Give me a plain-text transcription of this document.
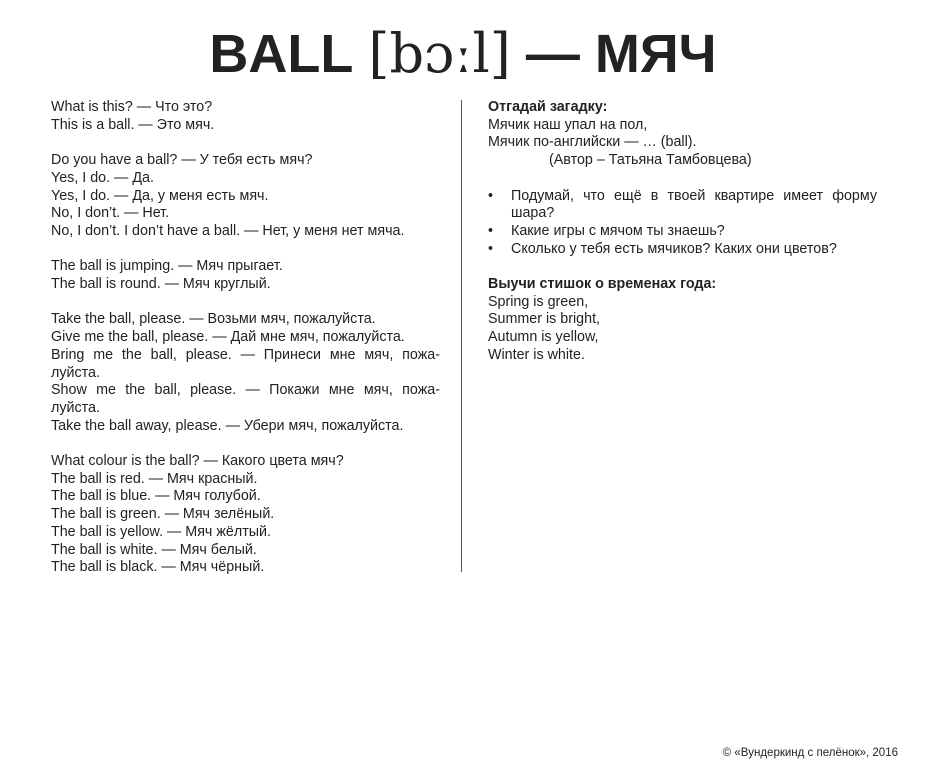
BALL [bɔːl] — МЯЧ
What is this? — Что это?
This is a ball. — Это мяч.
Do you have a ball? — У тебя есть мяч?
Yes, I do. — Да.
Yes, I do. — Да, у меня есть мяч.
No, I don’t. — Нет.
No, I don’t. I don’t have a ball. — Нет, у меня нет мяча.
The ball is jumping. — Мяч прыгает.
The ball is round. — Мяч круглый.
Take the ball, please. — Возьми мяч, пожалуйста.
Give me the ball, please. — Дай мне мяч, пожалуйста.
Bring me the ball, please. — Принеси мне мяч, пожа-
луйста.
Show me the ball, please. — Покажи мне мяч, пожа-
луйста.
Take the ball away, please. — Убери мяч, пожалуйста.
What colour is the ball? — Какого цвета мяч?
The ball is red. — Мяч красный.
The ball is blue. — Мяч голубой.
The ball is green. — Мяч зелёный.
The ball is yellow. — Мяч жёлтый.
The ball is white. — Мяч белый.
The ball is black. — Мяч чёрный.
Отгадай загадку:
Мячик наш упал на пол,
Мячик по-английски — … (ball).
(Автор – Татьяна Тамбовцева)
• Подумай, что ещё в твоей квартире имеет форму шара?
• Какие игры с мячом ты знаешь?
• Сколько у тебя есть мячиков? Каких они цветов?
Выучи стишок о временах года:
Spring is green,
Summer is bright,
Autumn is yellow,
Winter is white.
© «Вундеркинд с пелёнок», 2016
